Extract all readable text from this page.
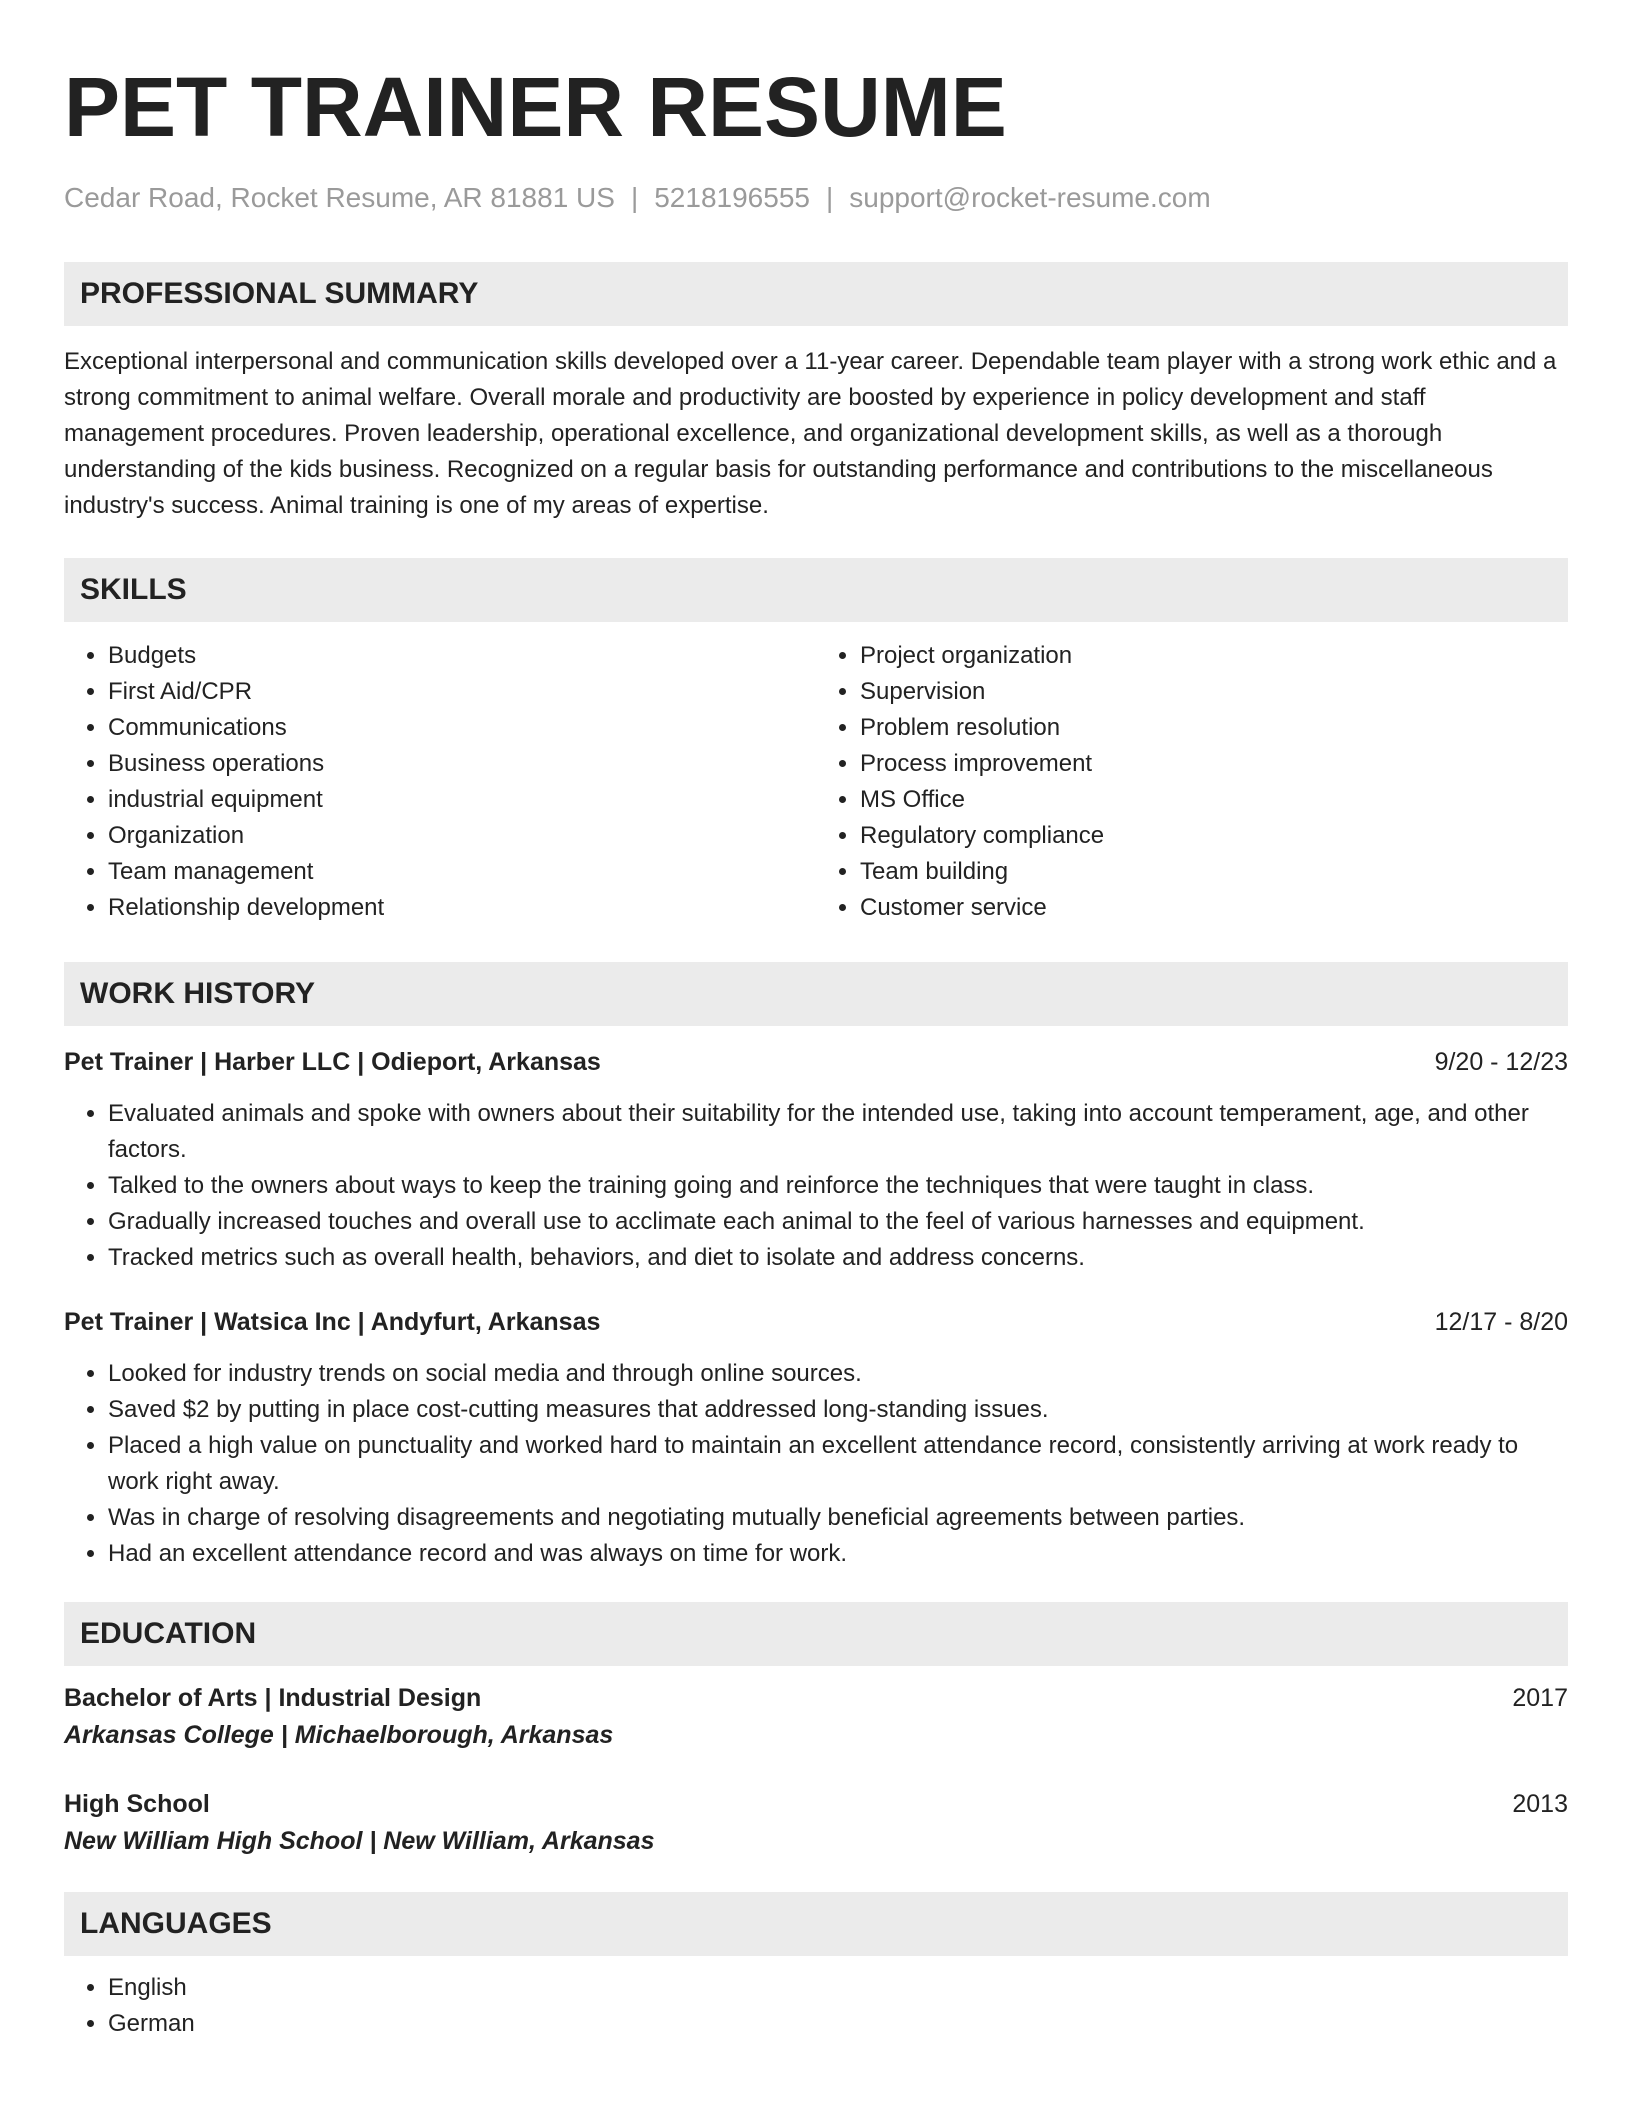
PET TRAINER RESUME
Cedar Road, Rocket Resume, AR 81881 US | 5218196555 | support@rocket-resume.com
PROFESSIONAL SUMMARY

Exceptional interpersonal and communication skills developed over a 11-year career. Dependable team player with a strong work ethic and a strong commitment to animal welfare. Overall morale and productivity are boosted by experience in policy development and staff management procedures. Proven leadership, operational excellence, and organizational development skills, as well as a thorough understanding of the kids business. Recognized on a regular basis for outstanding performance and contributions to the miscellaneous industry's success. Animal training is one of my areas of expertise.

SKILLS
• Budgets
• First Aid/CPR
• Communications
• Business operations
• industrial equipment
• Organization
• Team management
• Relationship development
• Project organization
• Supervision
• Problem resolution
• Process improvement
• MS Office
• Regulatory compliance
• Team building
• Customer service
WORK HISTORY
Pet Trainer | Harber LLC | Odieport, Arkansas	9/20 - 12/23
• Evaluated animals and spoke with owners about their suitability for the intended use, taking into account temperament, age, and other factors.
• Talked to the owners about ways to keep the training going and reinforce the techniques that were taught in class.
• Gradually increased touches and overall use to acclimate each animal to the feel of various harnesses and equipment.
• Tracked metrics such as overall health, behaviors, and diet to isolate and address concerns.
Pet Trainer | Watsica Inc | Andyfurt, Arkansas	12/17 - 8/20
• Looked for industry trends on social media and through online sources.
• Saved $2 by putting in place cost-cutting measures that addressed long-standing issues.
• Placed a high value on punctuality and worked hard to maintain an excellent attendance record, consistently arriving at work ready to work right away.
• Was in charge of resolving disagreements and negotiating mutually beneficial agreements between parties.
• Had an excellent attendance record and was always on time for work.
EDUCATION
Bachelor of Arts | Industrial Design	2017
Arkansas College | Michaelborough, Arkansas
High School	2013
New William High School | New William, Arkansas
LANGUAGES
• English
• German
